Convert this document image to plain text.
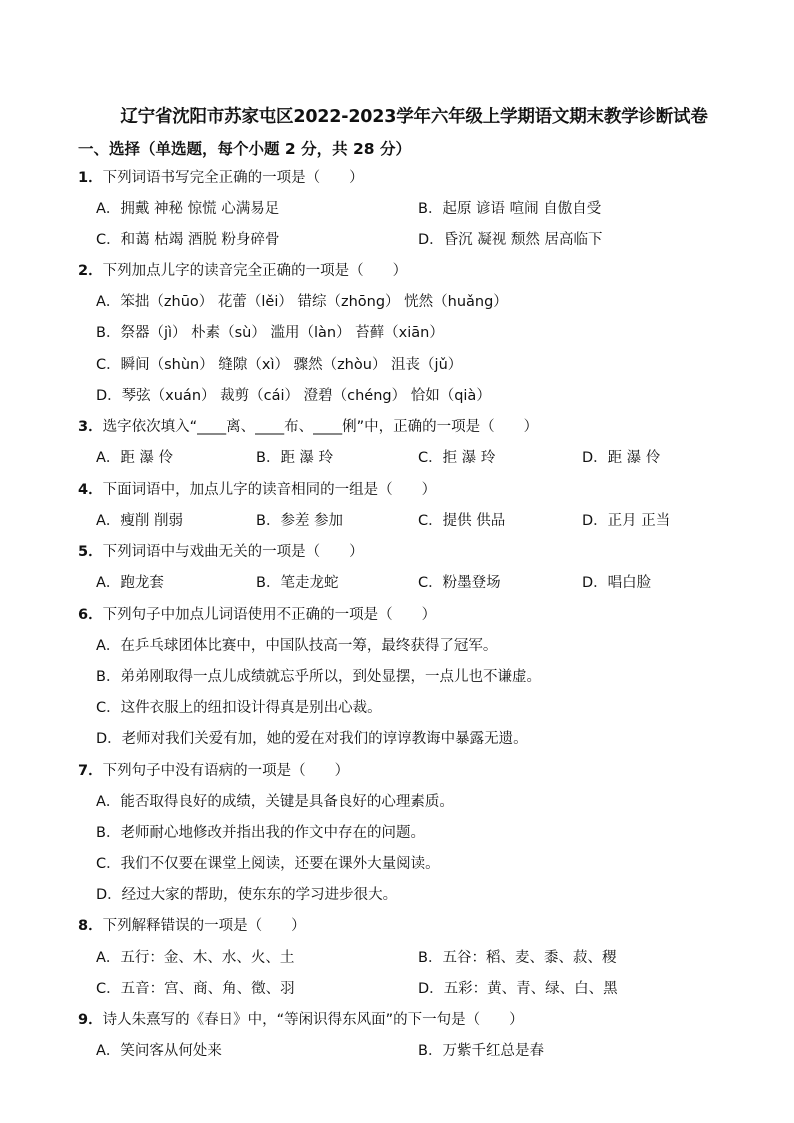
辽宁省沈阳市苏家屯区2022-2023学年六年级上学期语文期末教学诊断试卷
一、选择（单选题，每个小题 2 分，共 28 分）
1．下列词语书写完全正确的一项是（　　）
A．拥戴 神秘 惊慌 心满易足	B．起原 谚语 喧闹 自傲自受
C．和蔼 枯竭 酒脱 粉身碎骨	D．昏沉 凝视 颓然 居高临下
2．下列加点儿字的读音完全正确的一项是（　　）
A．笨拙（zhūo） 花蕾（lěi） 错综（zhōng） 恍然（huǎng）
B．祭器（jì） 朴素（sù） 滥用（làn） 苔藓（xiān）
C．瞬间（shùn） 缝隙（xì） 骤然（zhòu） 沮丧（jǔ）
D．琴弦（xuán） 裁剪（cái） 澄碧（chéng） 恰如（qià）
3．选字依次填入“____离、____布、____俐”中，正确的一项是（　　）
A．距 瀑 伶	B．距 瀑 玲	C．拒 瀑 玲	D．距 瀑 伶
4．下面词语中，加点儿字的读音相同的一组是（　　）
A．瘦削 削弱	B．参差 参加	C．提供 供品	D．正月 正当
5．下列词语中与戏曲无关的一项是（　　）
A．跑龙套	B．笔走龙蛇	C．粉墨登场	D．唱白脸
6．下列句子中加点儿词语使用不正确的一项是（　　）
A．在乒乓球团体比赛中，中国队技高一筹，最终获得了冠军。
B．弟弟刚取得一点儿成绩就忘乎所以，到处显摆，一点儿也不谦虚。
C．这件衣服上的纽扣设计得真是别出心裁。
D．老师对我们关爱有加，她的爱在对我们的谆谆教诲中暴露无遗。
7．下列句子中没有语病的一项是（　　）
A．能否取得良好的成绩，关键是具备良好的心理素质。
B．老师耐心地修改并指出我的作文中存在的问题。
C．我们不仅要在课堂上阅读，还要在课外大量阅读。
D．经过大家的帮助，使东东的学习进步很大。
8．下列解释错误的一项是（　　）
A．五行：金、木、水、火、土	B．五谷：稻、麦、黍、菽、稷
C．五音：宫、商、角、徵、羽	D．五彩：黄、青、绿、白、黑
9．诗人朱熹写的《春日》中，“等闲识得东风面”的下一句是（　　）
A．笑问客从何处来	B．万紫千红总是春
